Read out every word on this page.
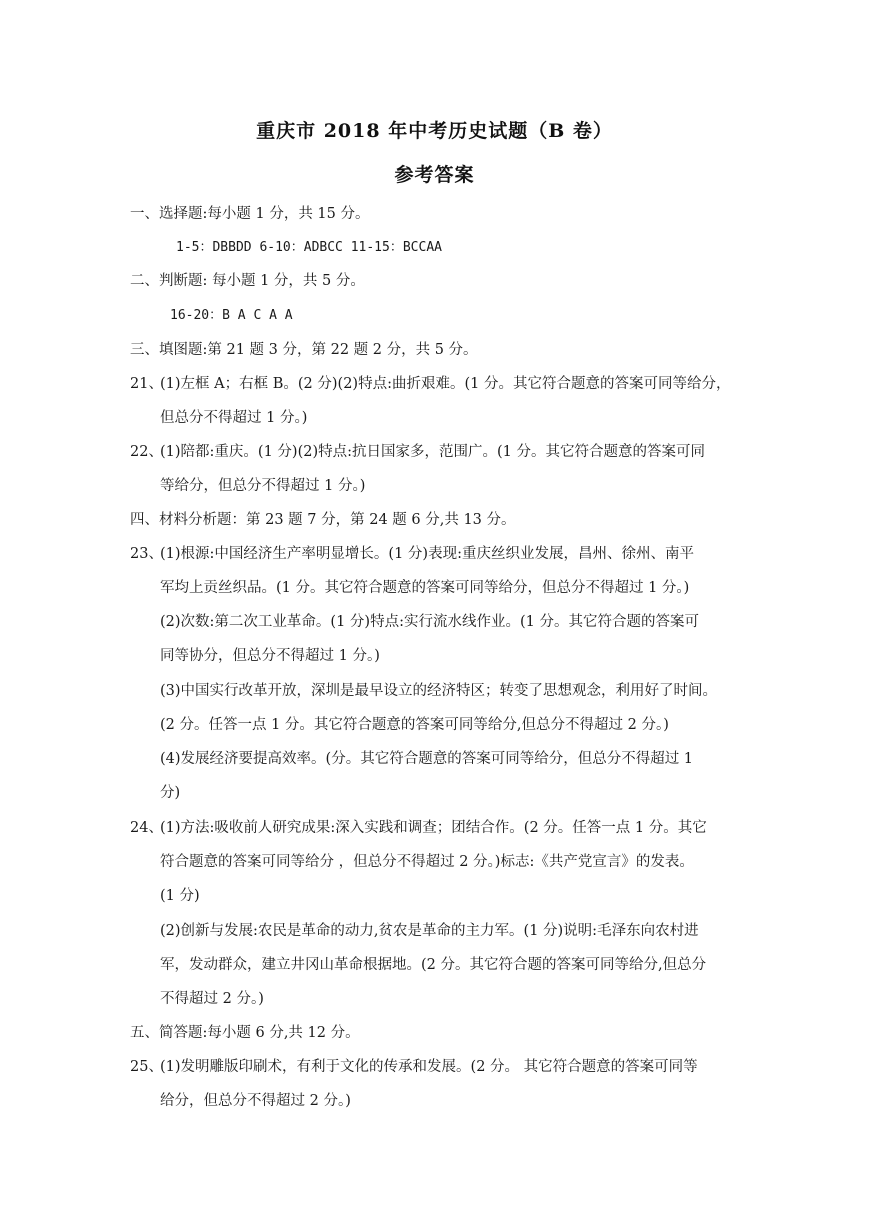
重庆市 2018 年中考历史试题（B 卷）
参考答案
一、选择题:每小题 1 分，共 15 分。
1-5：DBBDD 6-10：ADBCC 11-15：BCCAA
二、判断题: 每小题 1 分，共 5 分。
16-20：B A C A A
三、填图题:第 21 题 3 分，第 22 题 2 分，共 5 分。
21、
(1)左框 A；右框 B。(2 分)(2)特点:曲折艰难。(1 分。其它符合题意的答案可同等给分，
但总分不得超过 1 分。)
22、
(1)陪都:重庆。(1 分)(2)特点:抗日国家多，范围广。(1 分。其它符合题意的答案可同
等给分，但总分不得超过 1 分。)
四、材料分析题：第 23 题 7 分，第 24 题 6 分,共 13 分。
23、
(1)根源:中国经济生产率明显增长。(1 分)表现:重庆丝织业发展，昌州、徐州、南平
军均上贡丝织品。(1 分。其它符合题意的答案可同等给分，但总分不得超过 1 分。)
(2)次数:第二次工业革命。(1 分)特点:实行流水线作业。(1 分。其它符合题的答案可
同等协分，但总分不得超过 1 分。)
(3)中国实行改革开放，深圳是最早设立的经济特区；转变了思想观念，利用好了时间。
(2 分。任答一点 1 分。其它符合题意的答案可同等给分,但总分不得超过 2 分。)
(4)发展经济要提高效率。(分。其它符合题意的答案可同等给分，但总分不得超过 1
分)
24、
(1)方法:吸收前人研究成果:深入实践和调查；团结合作。(2 分。任答一点 1 分。其它
符合题意的答案可同等给分 ，但总分不得超过 2 分。)标志:《共产党宣言》的发表。
(1 分)
(2)创新与发展:农民是革命的动力,贫农是革命的主力军。(1 分)说明:毛泽东向农村进
军，发动群众，建立井冈山革命根据地。(2 分。其它符合题的答案可同等给分,但总分
不得超过 2 分。)
五、简答题:每小题 6 分,共 12 分。
25、
(1)发明雕版印刷术，有利于文化的传承和发展。(2 分。 其它符合题意的答案可同等
给分，但总分不得超过 2 分。)
